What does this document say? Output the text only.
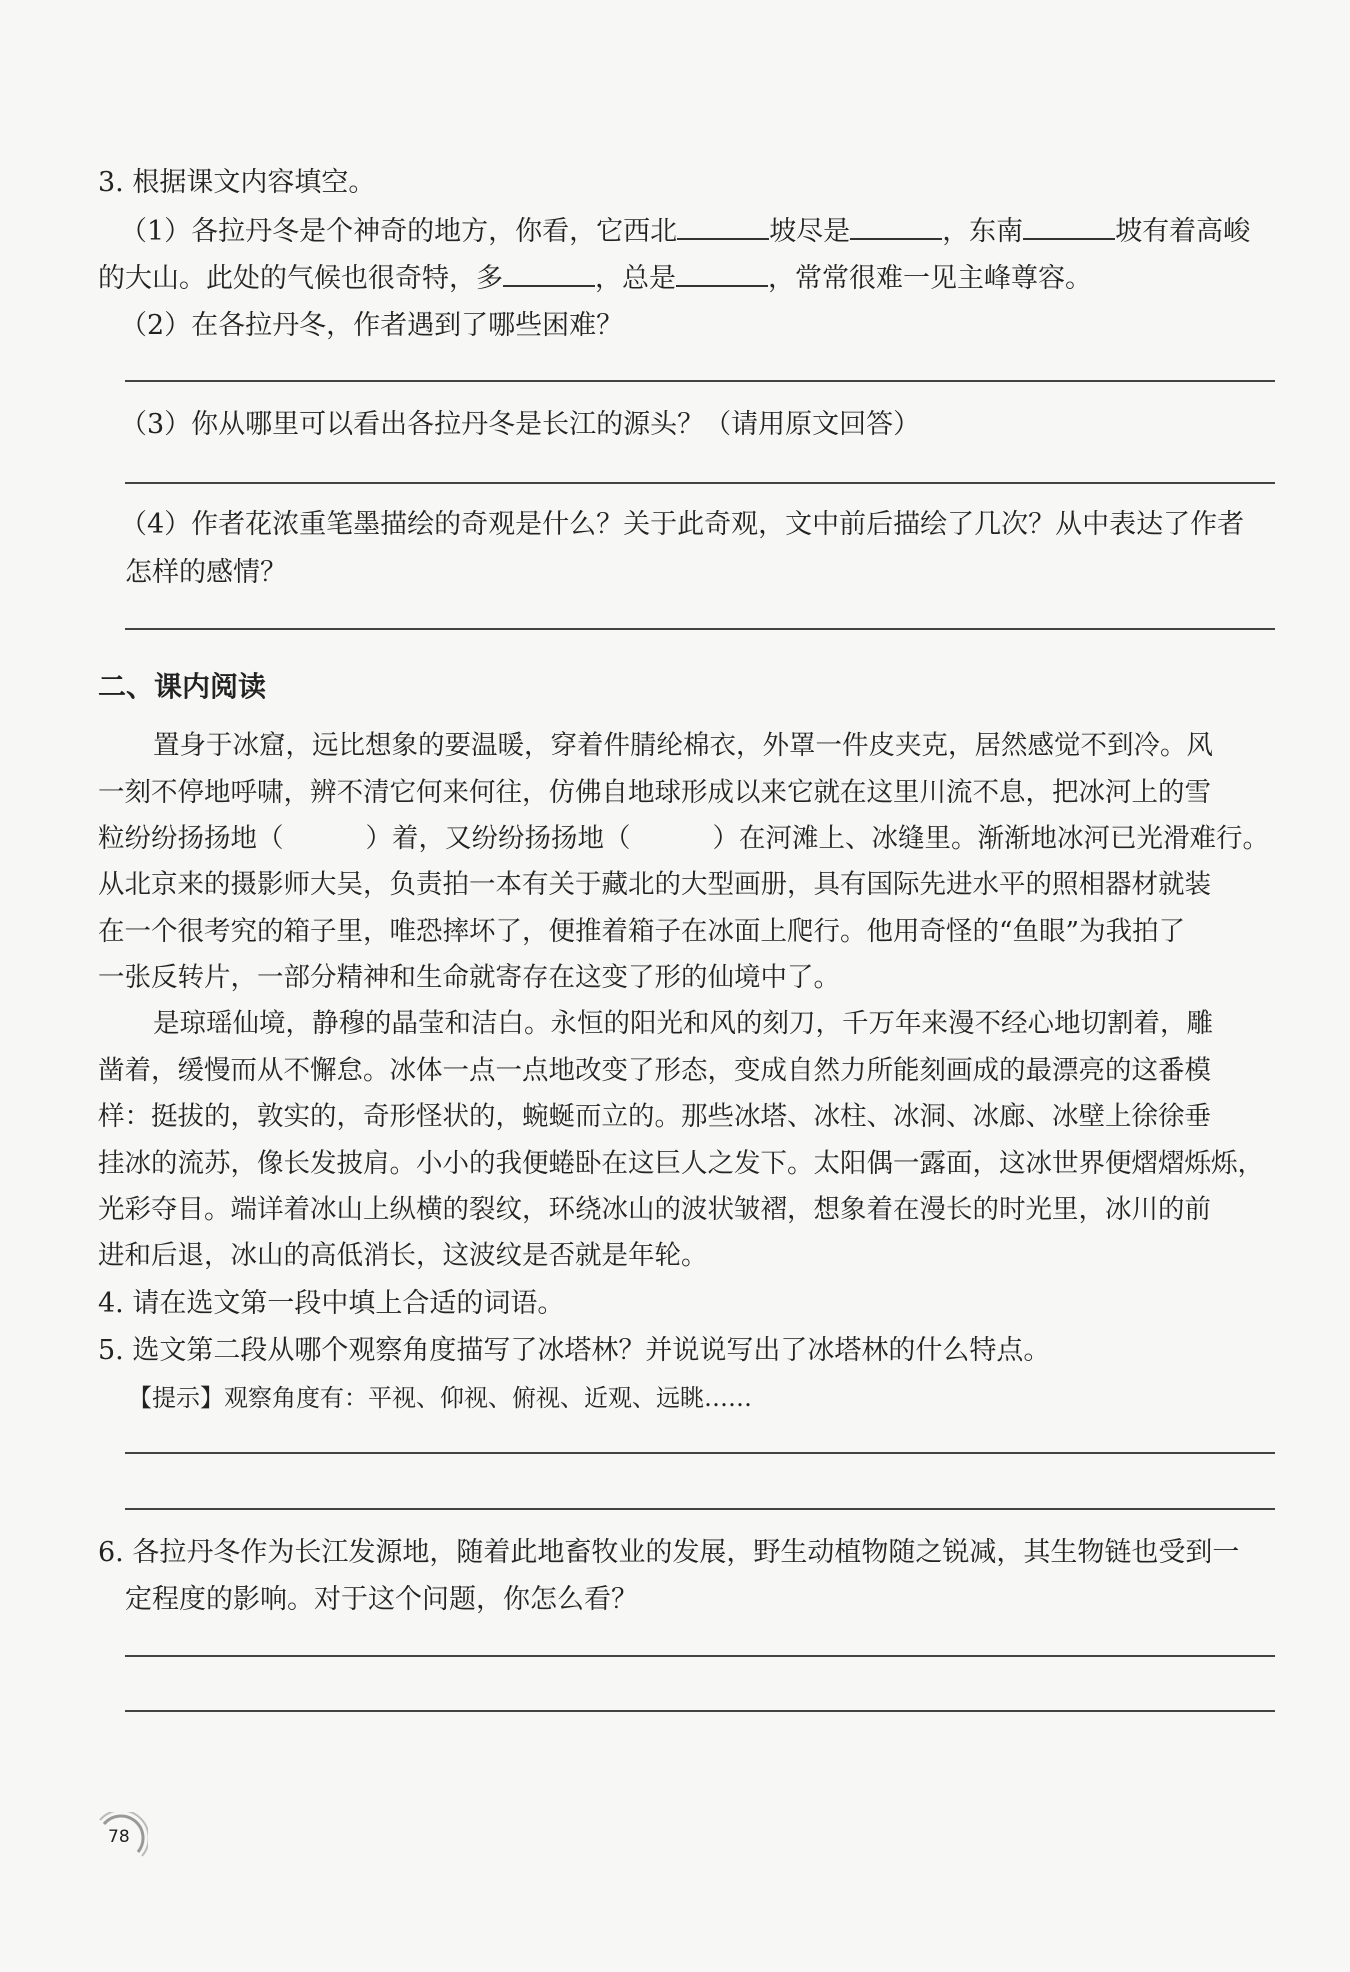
3. 根据课文内容填空。
（1）各拉丹冬是个神奇的地方，你看，它西北	坡尽是	，东南	坡有着高峻
的大山。此处的气候也很奇特，多	，总是	，常常很难一见主峰尊容。
（2）在各拉丹冬，作者遇到了哪些困难？
（3）你从哪里可以看出各拉丹冬是长江的源头？（请用原文回答）
（4）作者花浓重笔墨描绘的奇观是什么？关于此奇观，文中前后描绘了几次？从中表达了作者
怎样的感情？
二、课内阅读
置身于冰窟，远比想象的要温暖，穿着件腈纶棉衣，外罩一件皮夹克，居然感觉不到冷。风
一刻不停地呼啸，辨不清它何来何往，仿佛自地球形成以来它就在这里川流不息，把冰河上的雪
粒纷纷扬扬地（	）着，又纷纷扬扬地（	）在河滩上、冰缝里。渐渐地冰河已光滑难行。
从北京来的摄影师大吴，负责拍一本有关于藏北的大型画册，具有国际先进水平的照相器材就装
在一个很考究的箱子里，唯恐摔坏了，便推着箱子在冰面上爬行。他用奇怪的“鱼眼”为我拍了
一张反转片，一部分精神和生命就寄存在这变了形的仙境中了。
是琼瑶仙境，静穆的晶莹和洁白。永恒的阳光和风的刻刀，千万年来漫不经心地切割着，雕
凿着，缓慢而从不懈怠。冰体一点一点地改变了形态，变成自然力所能刻画成的最漂亮的这番模
样：挺拔的，敦实的，奇形怪状的，蜿蜒而立的。那些冰塔、冰柱、冰洞、冰廊、冰壁上徐徐垂
挂冰的流苏，像长发披肩。小小的我便蜷卧在这巨人之发下。太阳偶一露面，这冰世界便熠熠烁烁，
光彩夺目。端详着冰山上纵横的裂纹，环绕冰山的波状皱褶，想象着在漫长的时光里，冰川的前
进和后退，冰山的高低消长，这波纹是否就是年轮。
4. 请在选文第一段中填上合适的词语。
5. 选文第二段从哪个观察角度描写了冰塔林？并说说写出了冰塔林的什么特点。
【提示】观察角度有：平视、仰视、俯视、近观、远眺……
6. 各拉丹冬作为长江发源地，随着此地畜牧业的发展，野生动植物随之锐减，其生物链也受到一
定程度的影响。对于这个问题，你怎么看？
78
